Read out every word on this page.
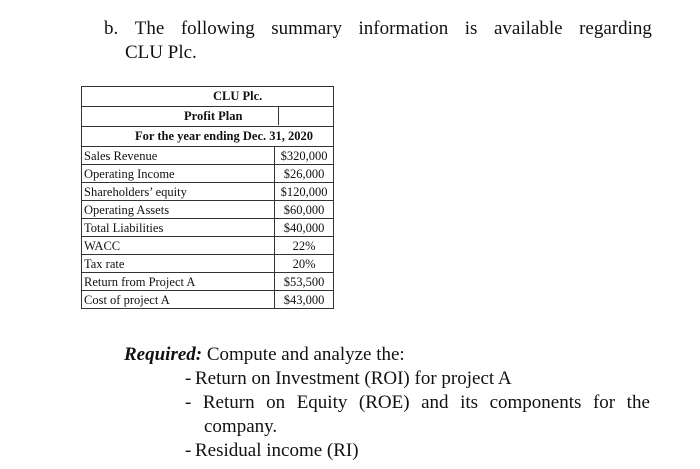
b. The following summary information is available regarding
CLU Plc.
CLU Plc.
Profit Plan
For the year ending Dec. 31, 2020
Sales Revenue	$320,000
Operating Income	$26,000
Shareholders’ equity	$120,000
Operating Assets	$60,000
Total Liabilities	$40,000
WACC	22%
Tax rate	20%
Return from Project A	$53,500
Cost of project A	$43,000
Required: Compute and analyze the:
- Return on Investment (ROI) for project A
- Return on Equity (ROE) and its components for the
company.
- Residual income (RI)
